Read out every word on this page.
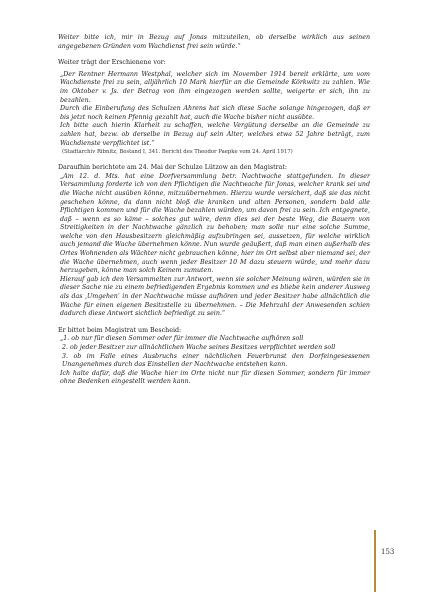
Weiter bitte ich, mir in Bezug auf Jonas mitzuteilen, ob derselbe wirklich aus seinen angegebenen Gründen vom Wachdienst frei sein würde.“

Weiter trägt der Erschienene vor:

„Der Rentner Hermann Westphal, welcher sich im November 1914 bereit erklärte, um vom Wachdienste frei zu sein, alljährlich 10 Mark hierfür an die Gemeinde Körkwitz zu zahlen. Wie im Oktober v. Js. der Betrag von ihm eingezogen werden sollte, weigerte er sich, ihn zu bezahlen.

Durch die Einberufung des Schulzen Ahrens hat sich diese Sache solange hingezogen, daß er bis jetzt noch keinen Pfennig gezahlt hat, auch die Wache bisher nicht ausübte.

Ich bitte auch hierin Klarheit zu schaffen, welche Vergütung derselbe an die Gemeinde zu zahlen hat, bezw. ob derselbe in Bezug auf sein Alter, welches etwa 52 Jahre beträgt, zum Wachdienste verpflichtet ist.“

(Stadtarchiv Ribnitz, Bestand I, 341. Bericht des Theodor Paepke vom 24. April 1917)

Daraufhin berichtete am 24. Mai der Schulze Lützow an den Magistrat:

„Am 12. d. Mts. hat eine Dorfversammlung betr. Nachtwache stattgefunden. In dieser Versammlung forderte ich von den Pflichtigen die Nachtwache für Jonas, welcher krank sei und die Wache nicht ausüben könne, mitzuübernehmen. Hierzu wurde versichert, daß sie das nicht geschehen könne, da dann nicht bloß die kranken und alten Personen, sondern bald alle Pflichtigen kommen und für die Wache bezahlen würden, um davon frei zu sein. Ich entgegnete, daß – wenn es so käme – solches gut wäre, denn dies sei der beste Weg, die Bauern von Streitigkeiten in der Nachtwache gänzlich zu behoben; man solle nur eine solche Summe, welche von den Hausbesitzern gleichmäßig aufzubringen sei, aussetzen, für welche wirklich auch jemand die Wache übernehmen könne. Nun wurde geäußert, daß man einen außerhalb des Ortes Wohnenden als Wächter nicht gebrauchen könne, hier im Ort selbst aber niemand sei, der die Wache übernehmen, auch wenn jeder Besitzer 10 M dazu steuern würde, und mehr dazu herzugeben, könne man solch Keinem zumuten.

Hierauf gab ich den Versammelten zur Antwort, wenn sie solcher Meinung wären, würden sie in dieser Sache nie zu einem befriedigenden Ergebnis kommen und es bliebe kein anderer Ausweg als das ‚Umgehen‘ in der Nachtwache müsse aufhören und jeder Besitzer habe allnächtlich die Wache für einen eigenen Besitzstelle zu übernehmen. – Die Mehrzahl der Anwesenden schien dadurch diese Antwort sichtlich befriedigt zu sein.“

Er bittet beim Magistrat um Bescheid:

„1. ob nur für diesen Sommer oder für immer die Nachtwache aufhören soll

2. ob jeder Besitzer zur allnächtlichen Wache seines Besitzes verpflichtet werden soll

3. ob im Falle eines Ausbruchs einer nächtlichen Feuerbrunst den Dorfeingesessenen Unangenehmes durch das Einstellen der Nachtwache entstehen kann.

Ich halte dafür, daß die Wache hier im Orte nicht nur für diesen Sommer, sondern für immer ohne Bedenken eingestellt werden kann.

153
